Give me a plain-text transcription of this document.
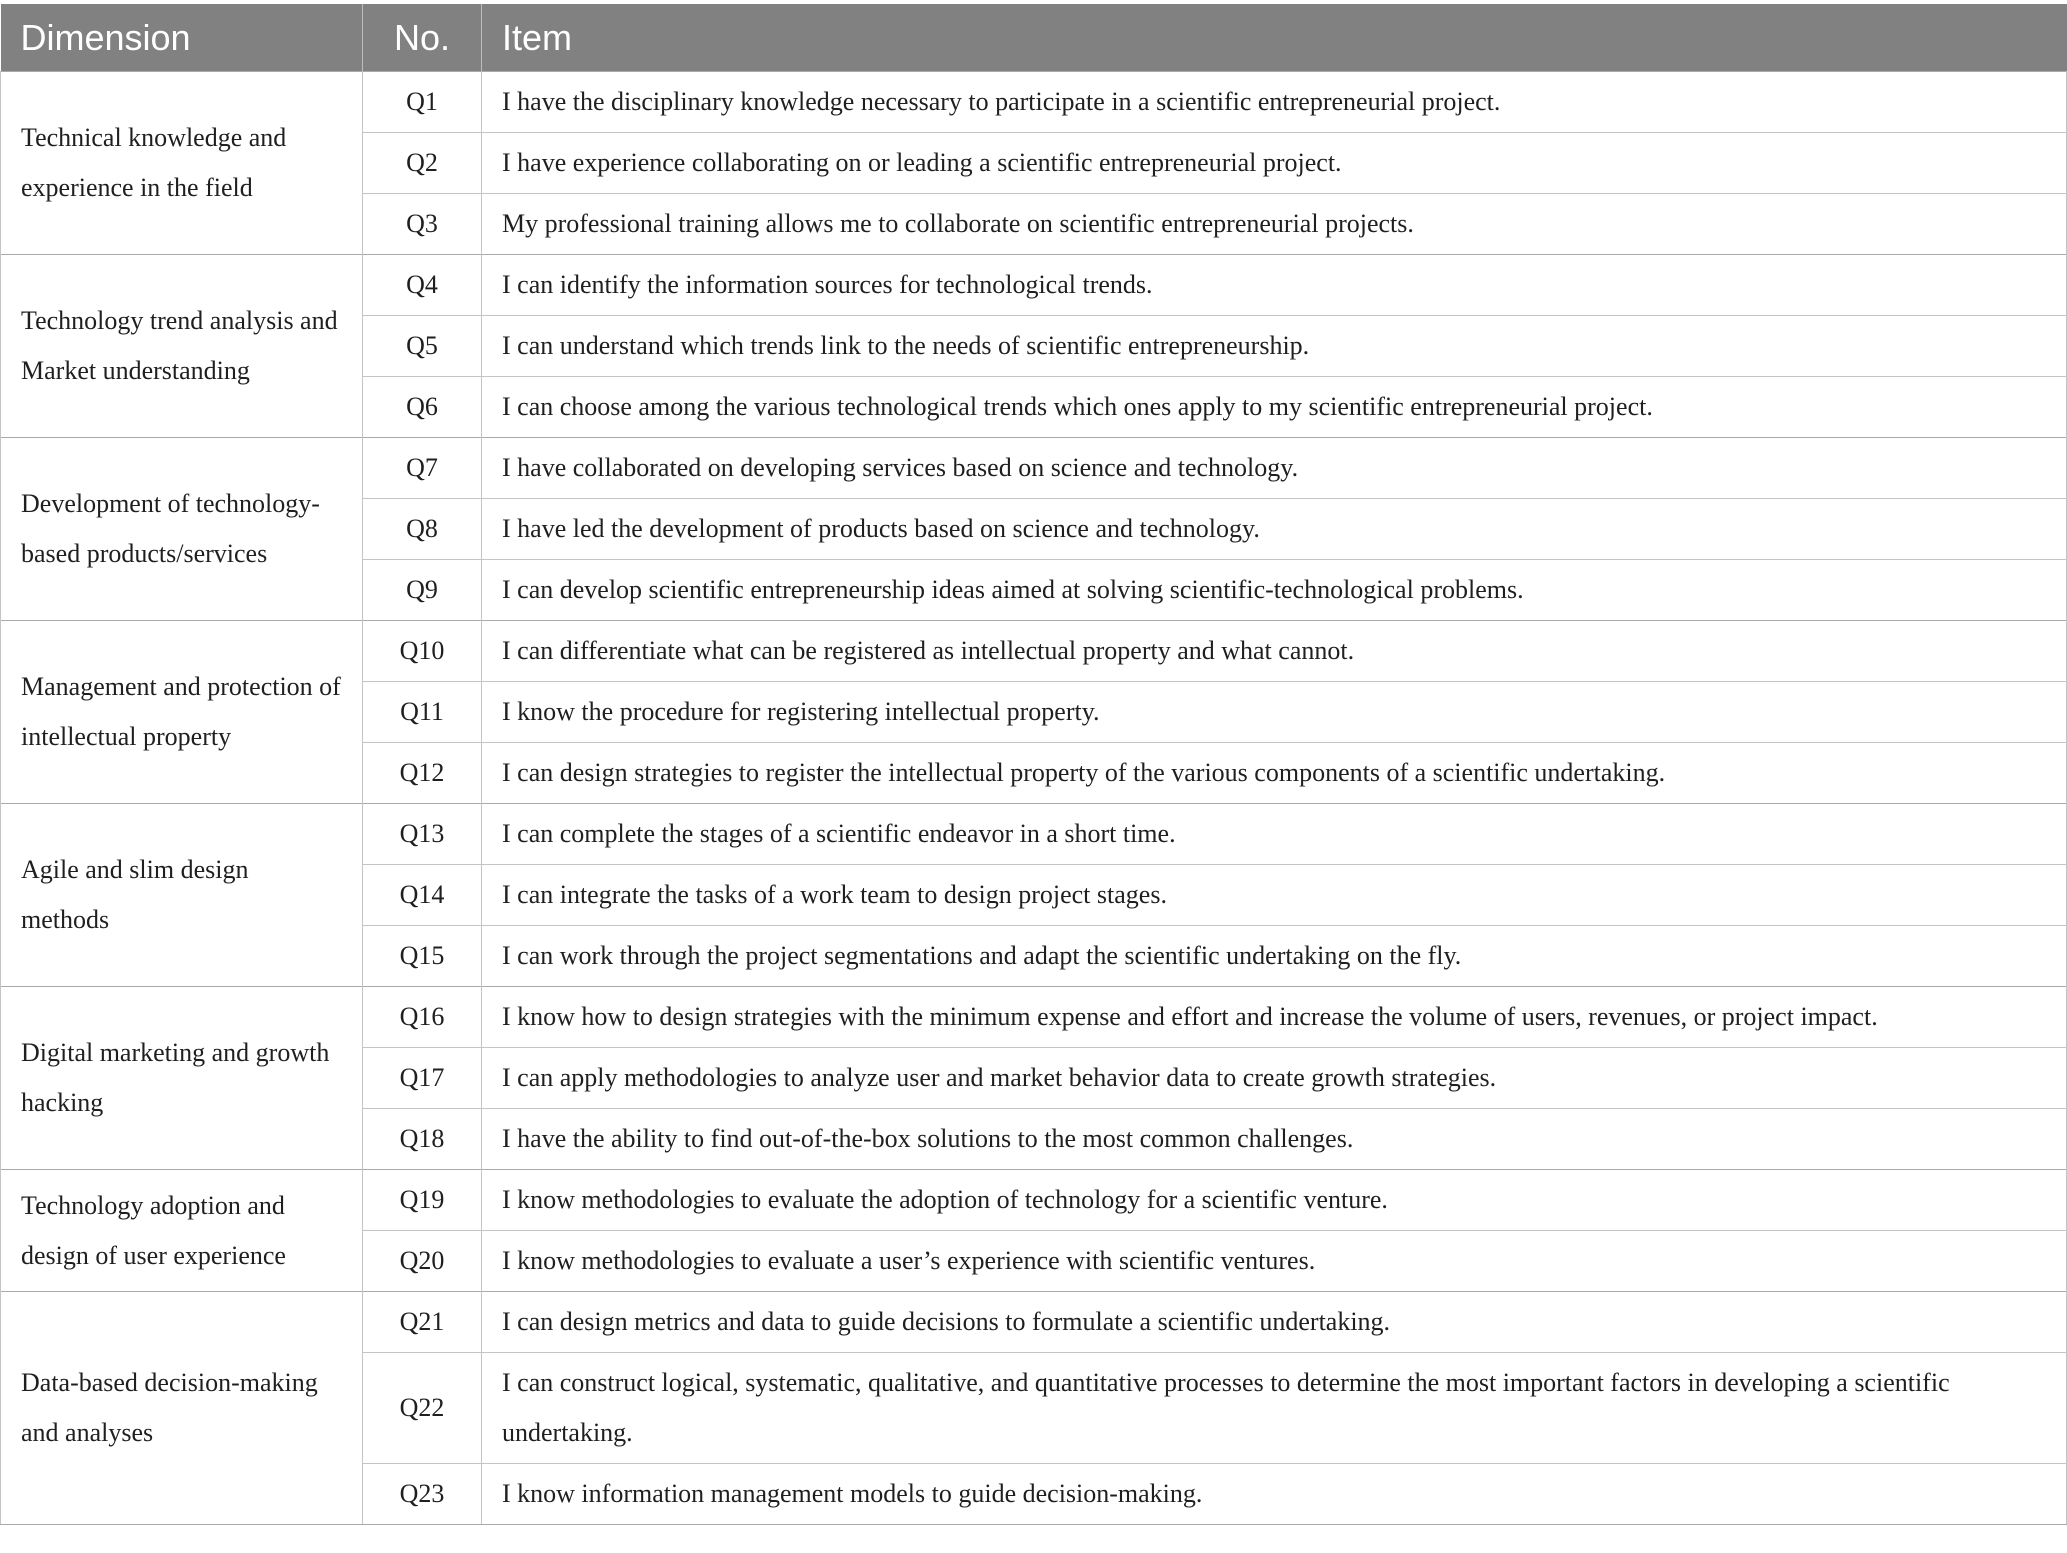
Dimension	No.	Item
Technical knowledge and experience in the field	Q1	I have the disciplinary knowledge necessary to participate in a scientific entrepreneurial project.
	Q2	I have experience collaborating on or leading a scientific entrepreneurial project.
	Q3	My professional training allows me to collaborate on scientific entrepreneurial projects.
Technology trend analysis and Market understanding	Q4	I can identify the information sources for technological trends.
	Q5	I can understand which trends link to the needs of scientific entrepreneurship.
	Q6	I can choose among the various technological trends which ones apply to my scientific entrepreneurial project.
Development of technology-based products/services	Q7	I have collaborated on developing services based on science and technology.
	Q8	I have led the development of products based on science and technology.
	Q9	I can develop scientific entrepreneurship ideas aimed at solving scientific-technological problems.
Management and protection of intellectual property	Q10	I can differentiate what can be registered as intellectual property and what cannot.
	Q11	I know the procedure for registering intellectual property.
	Q12	I can design strategies to register the intellectual property of the various components of a scientific undertaking.
Agile and slim design methods	Q13	I can complete the stages of a scientific endeavor in a short time.
	Q14	I can integrate the tasks of a work team to design project stages.
	Q15	I can work through the project segmentations and adapt the scientific undertaking on the fly.
Digital marketing and growth hacking	Q16	I know how to design strategies with the minimum expense and effort and increase the volume of users, revenues, or project impact.
	Q17	I can apply methodologies to analyze user and market behavior data to create growth strategies.
	Q18	I have the ability to find out-of-the-box solutions to the most common challenges.
Technology adoption and design of user experience	Q19	I know methodologies to evaluate the adoption of technology for a scientific venture.
	Q20	I know methodologies to evaluate a user’s experience with scientific ventures.
Data-based decision-making and analyses	Q21	I can design metrics and data to guide decisions to formulate a scientific undertaking.
	Q22	I can construct logical, systematic, qualitative, and quantitative processes to determine the most important factors in developing a scientific undertaking.
	Q23	I know information management models to guide decision-making.
